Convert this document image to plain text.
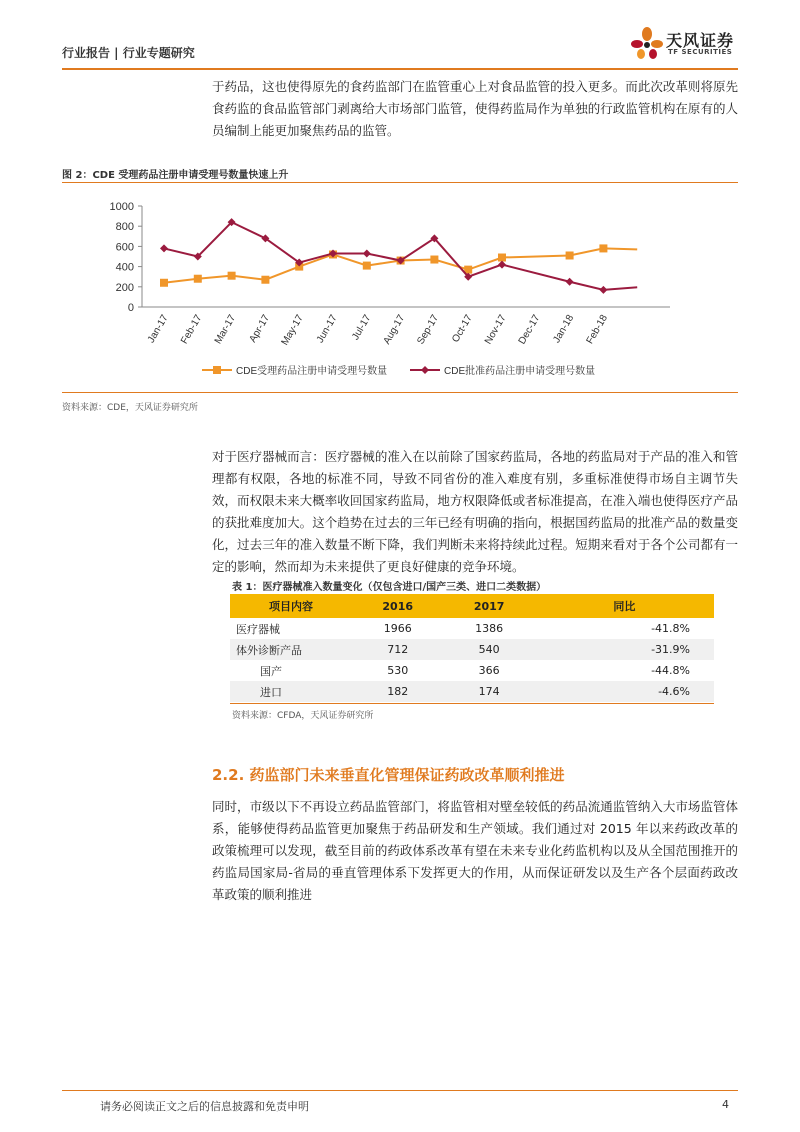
行业报告 | 行业专题研究
天风证券
TF SECURITIES
于药品，这也使得原先的食药监部门在监管重心上对食品监管的投入更多。而此次改革则将原先食药监的食品监管部门剥离给大市场部门监管，使得药监局作为单独的行政监管机构在原有的人员编制上能更加聚焦药品的监管。
图 2：CDE 受理药品注册申请受理号数量快速上升
0
200
400
600
800
1000
Jan-17 Feb-17 Mar-17 Apr-17 May-17 Jun-17 Jul-17 Aug-17 Sep-17 Oct-17 Nov-17 Dec-17 Jan-18 Feb-18
CDE受理药品注册申请受理号数量	CDE批准药品注册申请受理号数量
资料来源：CDE，天风证券研究所
对于医疗器械而言：医疗器械的准入在以前除了国家药监局，各地的药监局对于产品的准入和管理都有权限，各地的标准不同，导致不同省份的准入难度有别，多重标准使得市场自主调节失效，而权限未来大概率收回国家药监局，地方权限降低或者标准提高，在准入端也使得医疗产品的获批难度加大。这个趋势在过去的三年已经有明确的指向，根据国药监局的批准产品的数量变化，过去三年的准入数量不断下降，我们判断未来将持续此过程。短期来看对于各个公司都有一定的影响，然而却为未来提供了更良好健康的竞争环境。
表 1：医疗器械准入数量变化（仅包含进口/国产三类、进口二类数据）
项目内容	2016	2017	同比
医疗器械	1966	1386	-41.8%
体外诊断产品	712	540	-31.9%
国产	530	366	-44.8%
进口	182	174	-4.6%
资料来源：CFDA，天风证券研究所
2.2. 药监部门未来垂直化管理保证药政改革顺利推进
同时，市级以下不再设立药品监管部门，将监管相对壁垒较低的药品流通监管纳入大市场监管体系，能够使得药品监管更加聚焦于药品研发和生产领域。我们通过对 2015 年以来药政改革的政策梳理可以发现，截至目前的药政体系改革有望在未来专业化药监机构以及从全国范围推开的药监局国家局-省局的垂直管理体系下发挥更大的作用，从而保证研发以及生产各个层面药政改革政策的顺利推进
请务必阅读正文之后的信息披露和免责申明	4
